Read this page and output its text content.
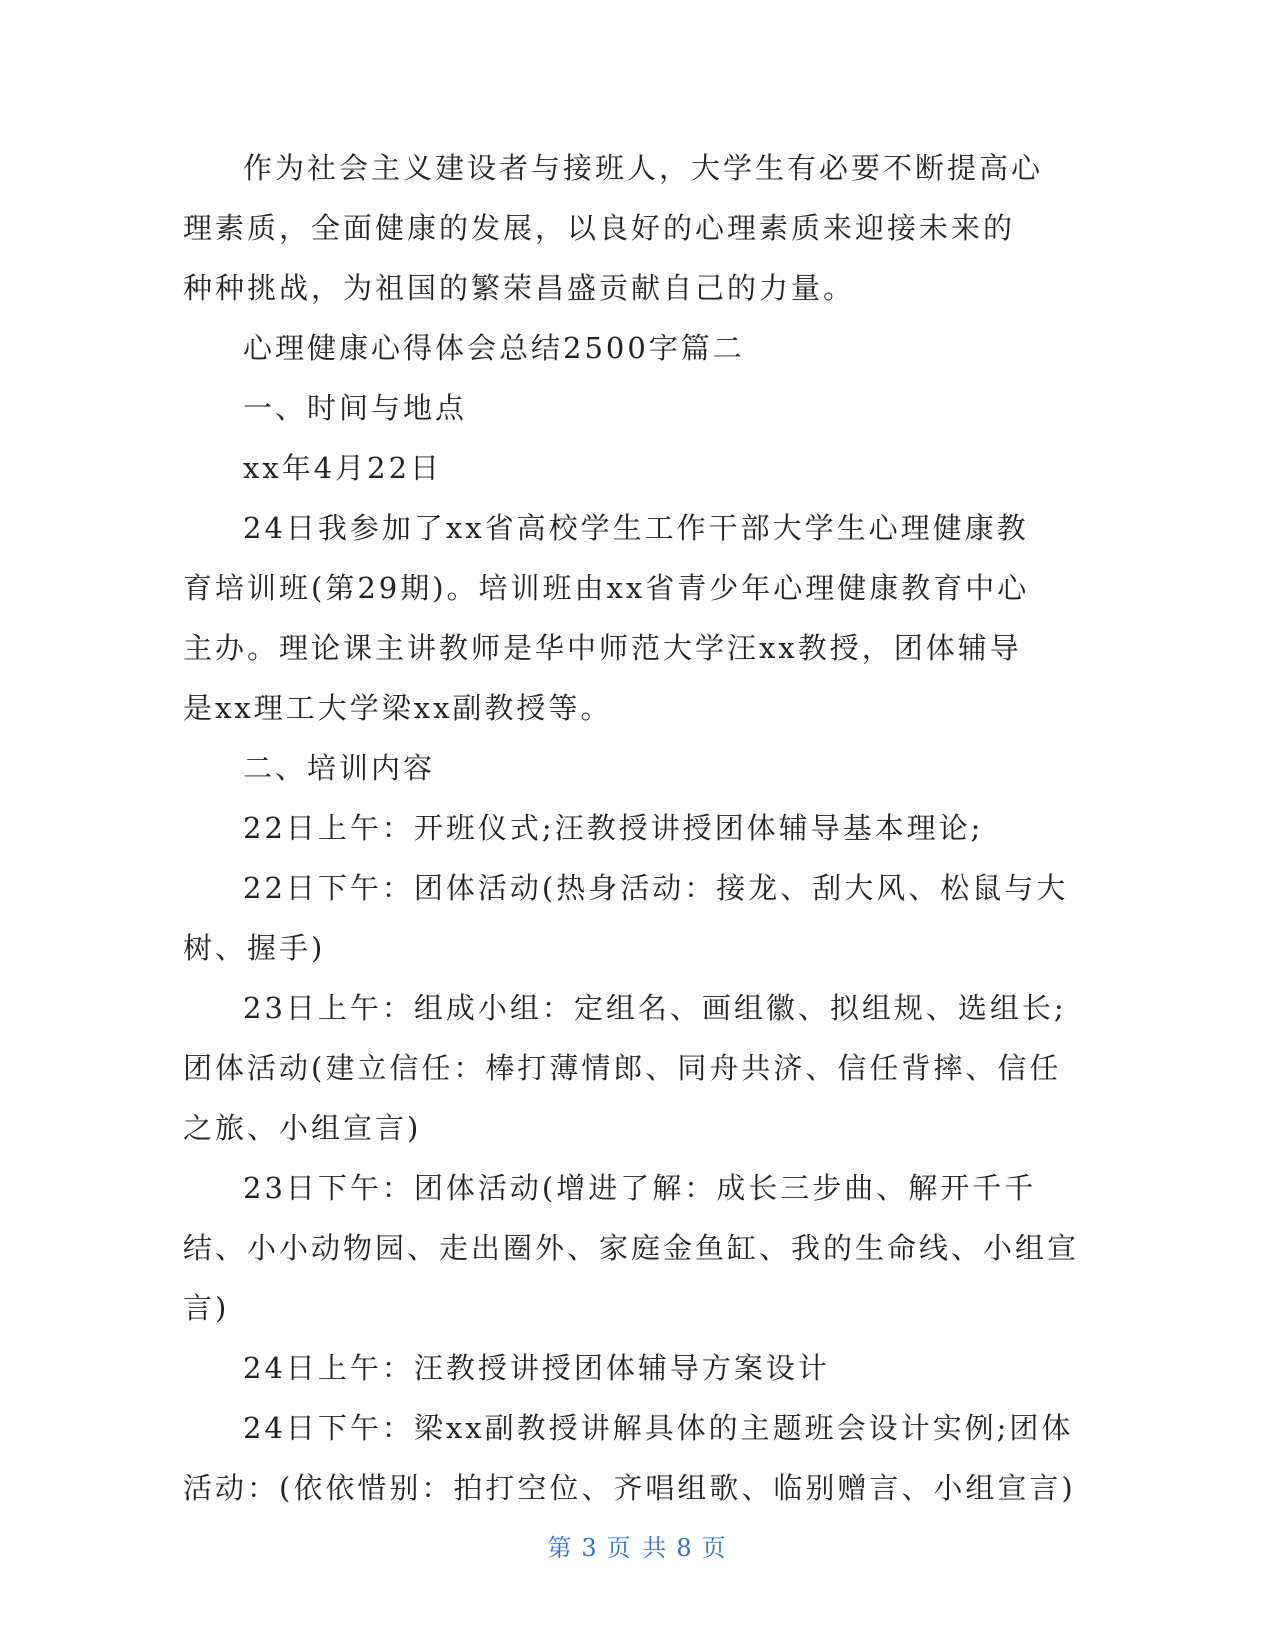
作为社会主义建设者与接班人，大学生有必要不断提高心理素质，全面健康的发展，以良好的心理素质来迎接未来的种种挑战，为祖国的繁荣昌盛贡献自己的力量。

心理健康心得体会总结2500字篇二

一、时间与地点

xx年4月22日

24日我参加了xx省高校学生工作干部大学生心理健康教育培训班(第29期)。培训班由xx省青少年心理健康教育中心主办。理论课主讲教师是华中师范大学汪xx教授，团体辅导是xx理工大学梁xx副教授等。

二、培训内容

22日上午：开班仪式;汪教授讲授团体辅导基本理论;

22日下午：团体活动(热身活动：接龙、刮大风、松鼠与大树、握手)

23日上午：组成小组：定组名、画组徽、拟组规、选组长;团体活动(建立信任：棒打薄情郎、同舟共济、信任背摔、信任之旅、小组宣言)

23日下午：团体活动(增进了解：成长三步曲、解开千千结、小小动物园、走出圈外、家庭金鱼缸、我的生命线、小组宣言)

24日上午：汪教授讲授团体辅导方案设计

24日下午：梁xx副教授讲解具体的主题班会设计实例;团体活动：(依依惜别：拍打空位、齐唱组歌、临别赠言、小组宣言)

第 3 页 共 8 页
